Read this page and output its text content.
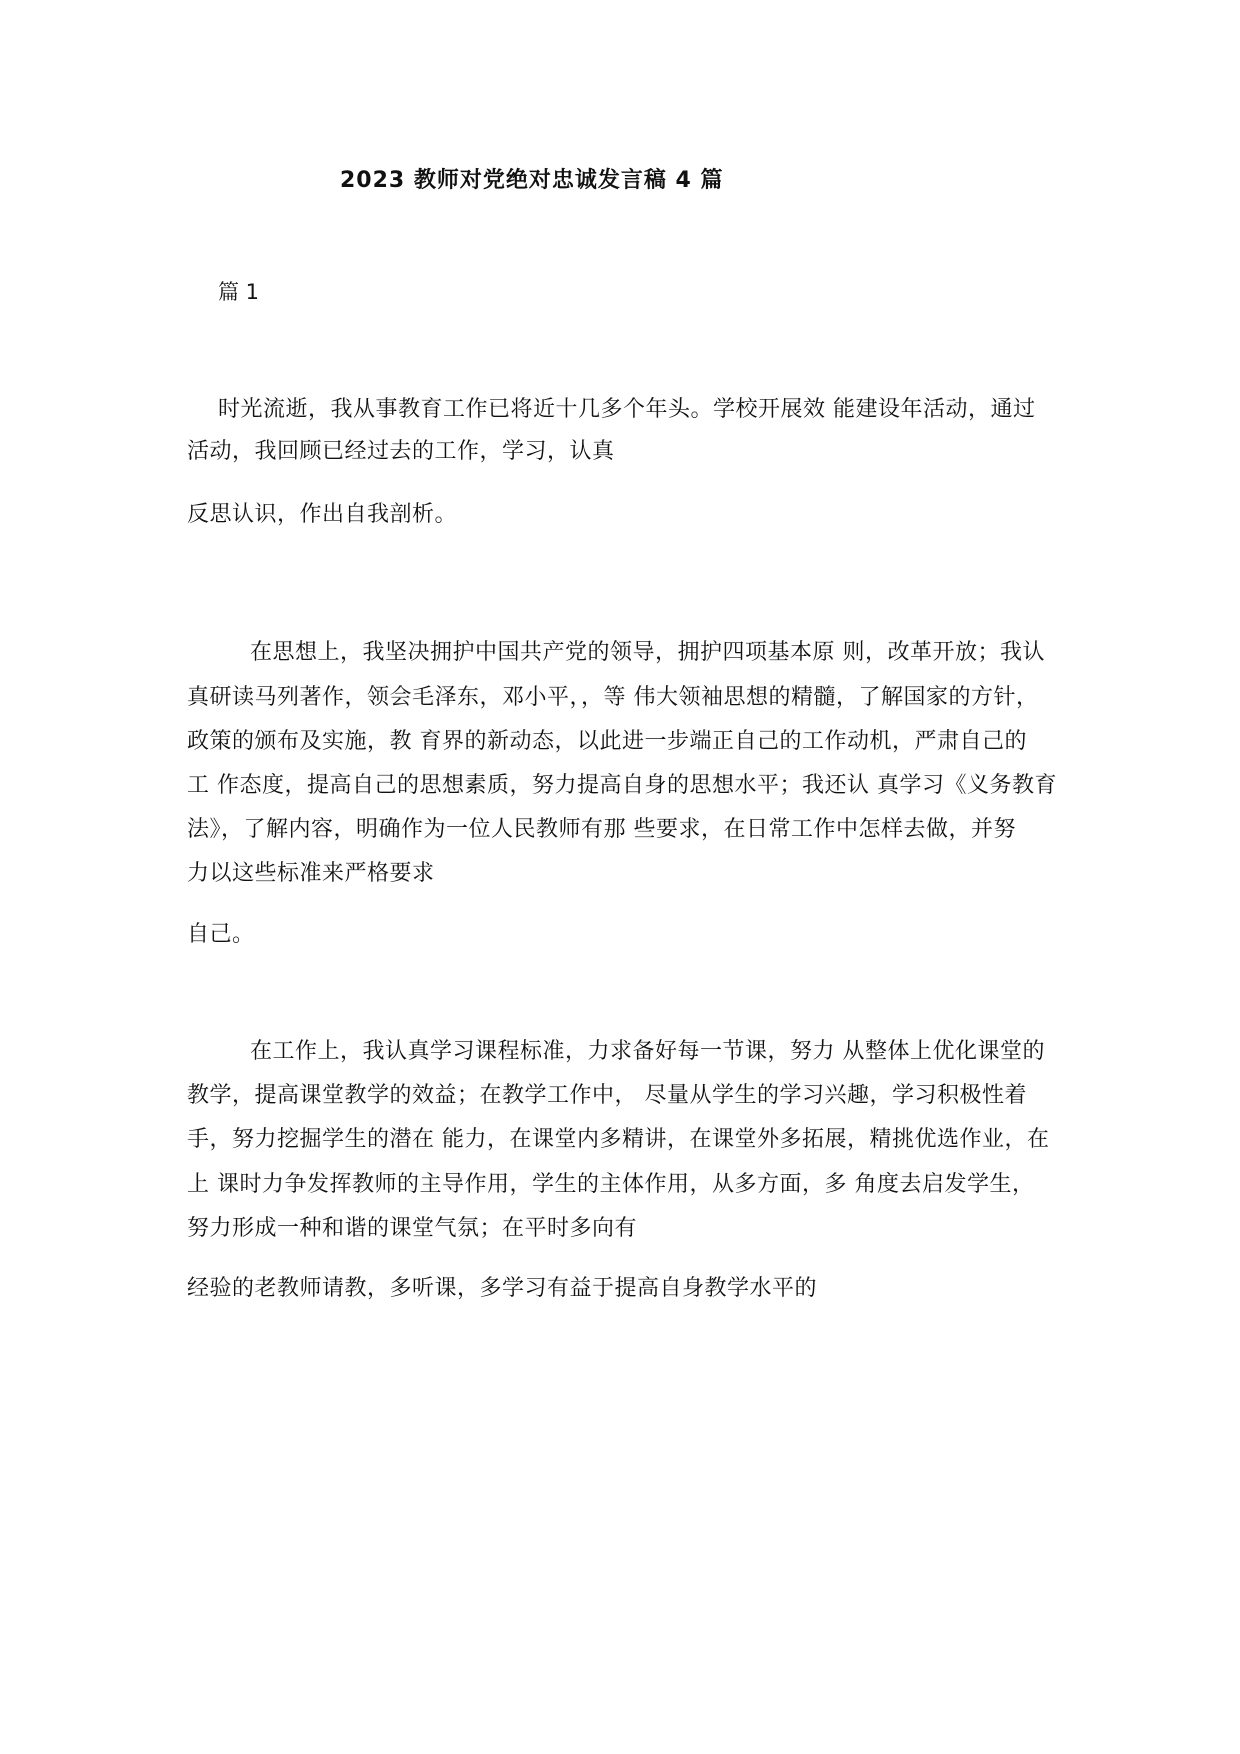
2023 教师对党绝对忠诚发言稿 4 篇
篇 1
时光流逝，我从事教育工作已将近十几多个年头。学校开展效 能建设年活动，通过
活动，我回顾已经过去的工作，学习，认真
反思认识，作出自我剖析。
在思想上，我坚决拥护中国共产党的领导，拥护四项基本原 则，改革开放；我认
真研读马列著作，领会毛泽东，邓小平，，等 伟大领袖思想的精髓，了解国家的方针，
政策的颁布及实施，教 育界的新动态，以此进一步端正自己的工作动机，严肃自己的
工 作态度，提高自己的思想素质，努力提高自身的思想水平；我还认 真学习《义务教育
法》，了解内容，明确作为一位人民教师有那 些要求，在日常工作中怎样去做，并努
力以这些标准来严格要求
自己。
在工作上，我认真学习课程标准，力求备好每一节课，努力 从整体上优化课堂的
教学，提高课堂教学的效益；在教学工作中， 尽量从学生的学习兴趣，学习积极性着
手，努力挖掘学生的潜在 能力，在课堂内多精讲，在课堂外多拓展，精挑优选作业，在
上 课时力争发挥教师的主导作用，学生的主体作用，从多方面，多 角度去启发学生，
努力形成一种和谐的课堂气氛；在平时多向有
经验的老教师请教，多听课，多学习有益于提高自身教学水平的
